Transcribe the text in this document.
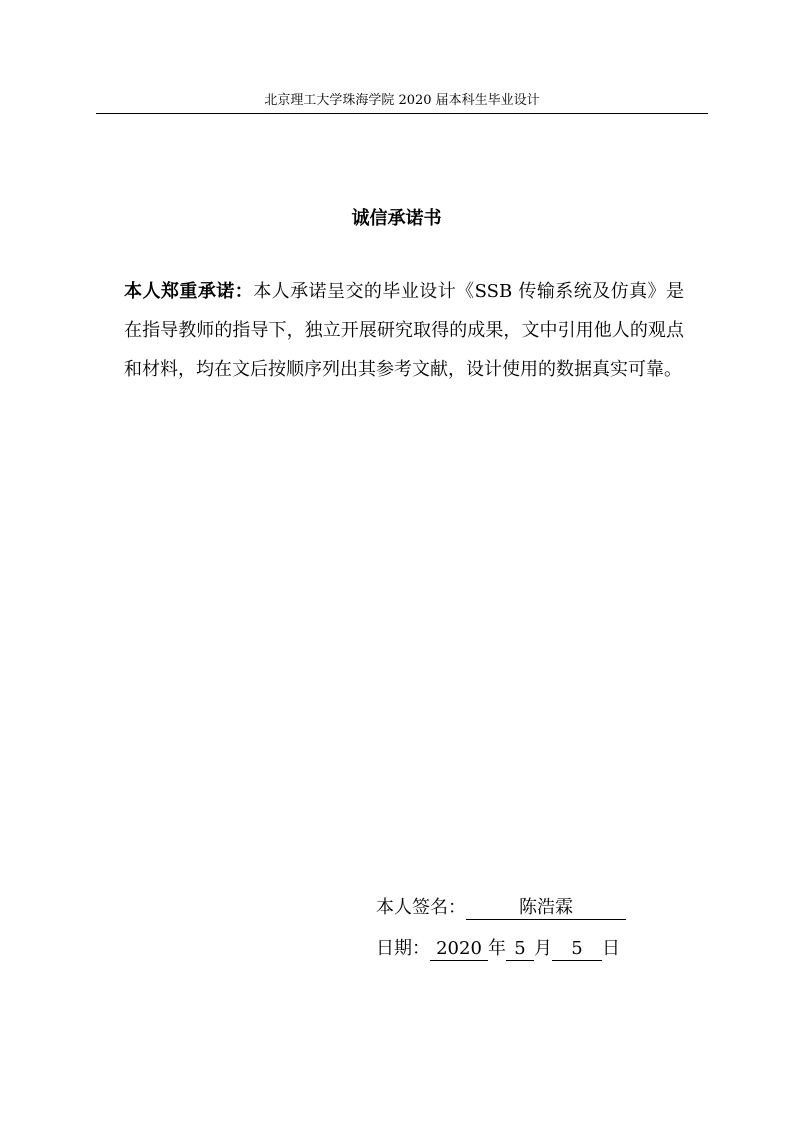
北京理工大学珠海学院 2020 届本科生毕业设计
诚信承诺书
本人郑重承诺：本人承诺呈交的毕业设计《SSB 传输系统及仿真》是在指导教师的指导下，独立开展研究取得的成果，文中引用他人的观点和材料，均在文后按顺序列出其参考文献，设计使用的数据真实可靠。
本人签名：	陈浩霖
日期： 2020 年 5 月 5 日
